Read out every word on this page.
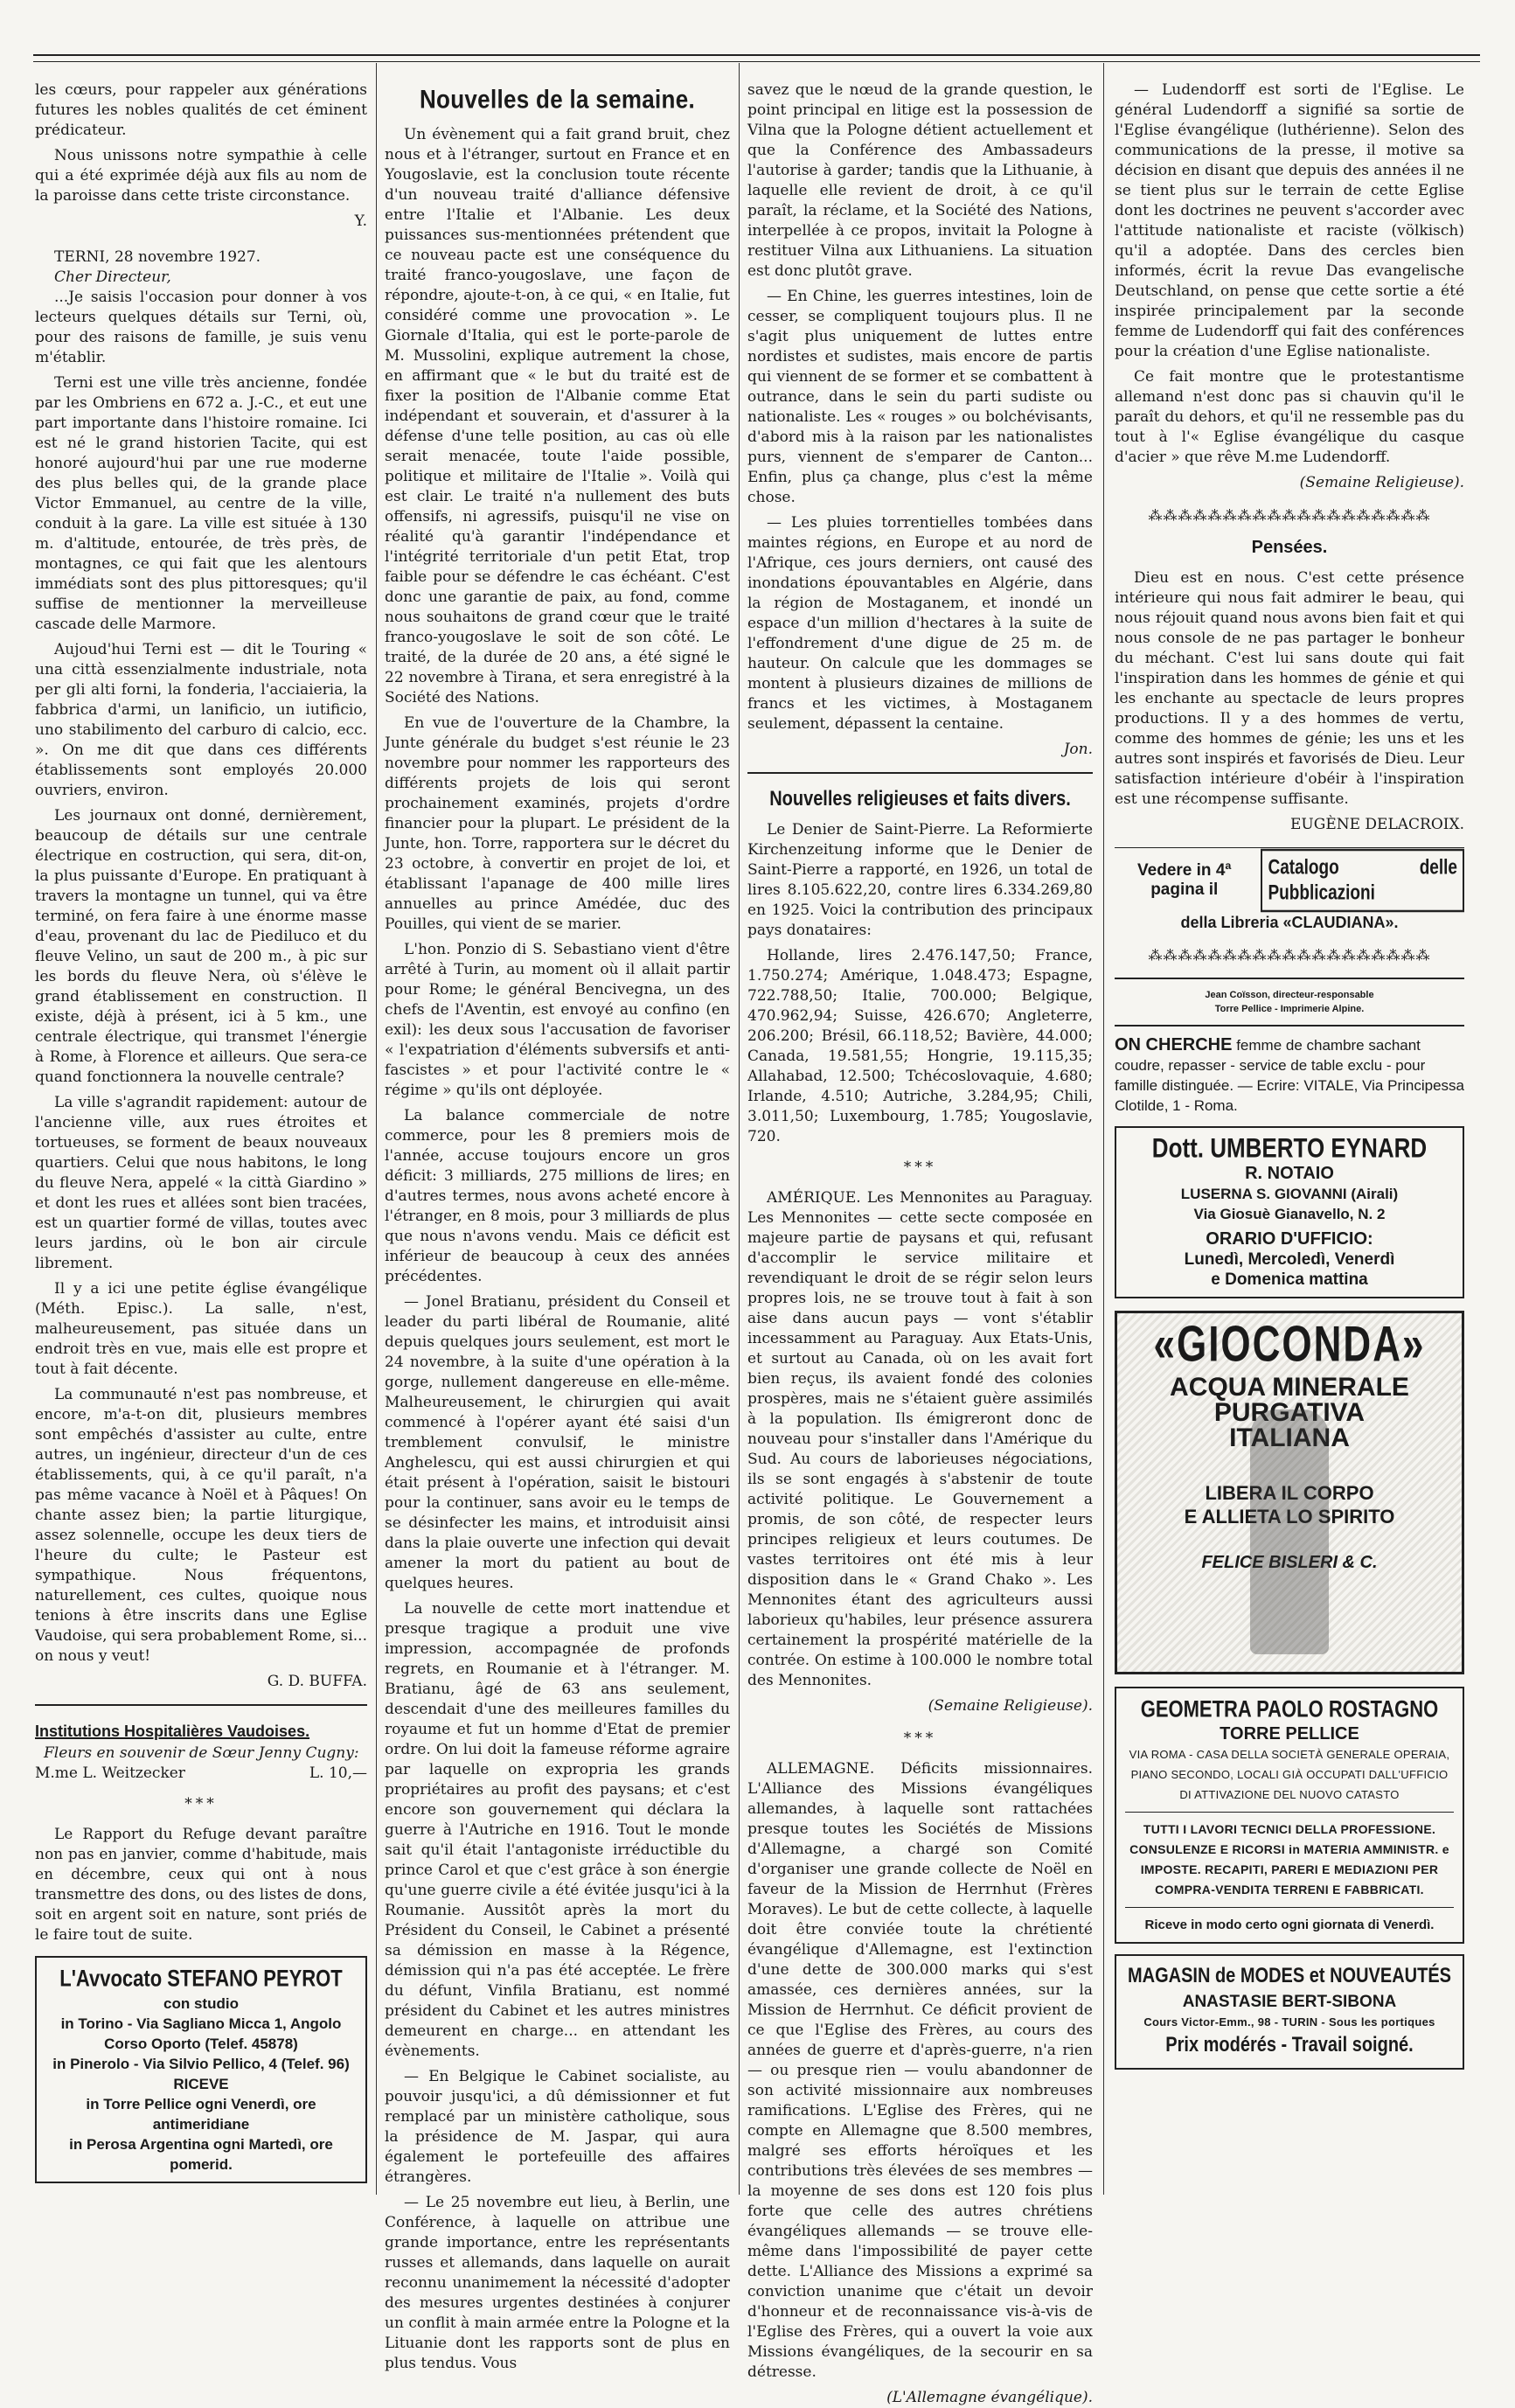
les cœurs, pour rappeler aux générations futures les nobles qualités de cet éminent prédicateur.

Nous unissons notre sympathie à celle qui a été exprimée déjà aux fils au nom de la paroisse dans cette triste circonstance.

Y.
TERNI, 28 novembre 1927.
Cher Directeur,

...Je saisis l'occasion pour donner à vos lecteurs quelques détails sur Terni, où, pour des raisons de famille, je suis venu m'établir.

Terni est une ville très ancienne, fondée par les Ombriens en 672 a. J.-C., et eut une part importante dans l'histoire romaine. Ici est né le grand historien Tacite, qui est honoré aujourd'hui par une rue moderne des plus belles qui, de la grande place Victor Emmanuel, au centre de la ville, conduit à la gare. La ville est située à 130 m. d'altitude, entourée, de très près, de montagnes, ce qui fait que les alentours immédiats sont des plus pittoresques; qu'il suffise de mentionner la merveilleuse cascade delle Marmore.

Aujoud'hui Terni est — dit le Touring « una città essenzialmente industriale, nota per gli alti forni, la fonderia, l'acciaieria, la fabbrica d'armi, un lanificio, un iutificio, uno stabilimento del carburo di calcio, ecc. ». On me dit que dans ces différents établissements sont employés 20.000 ouvriers, environ.

Les journaux ont donné, dernièrement, beaucoup de détails sur une centrale électrique en costruction, qui sera, dit-on, la plus puissante d'Europe. En pratiquant à travers la montagne un tunnel, qui va être terminé, on fera faire à une énorme masse d'eau, provenant du lac de Piediluco et du fleuve Velino, un saut de 200 m., à pic sur les bords du fleuve Nera, où s'élève le grand établissement en construction. Il existe, déjà à présent, ici à 5 km., une centrale électrique, qui transmet l'énergie à Rome, à Florence et ailleurs. Que sera-ce quand fonctionnera la nouvelle centrale?

La ville s'agrandit rapidement: autour de l'ancienne ville, aux rues étroites et tortueuses, se forment de beaux nouveaux quartiers. Celui que nous habitons, le long du fleuve Nera, appelé « la città Giardino » et dont les rues et allées sont bien tracées, est un quartier formé de villas, toutes avec leurs jardins, où le bon air circule librement.

Il y a ici une petite église évangélique (Méth. Episc.). La salle, n'est, malheureusement, pas située dans un endroit très en vue, mais elle est propre et tout à fait décente.

La communauté n'est pas nombreuse, et encore, m'a-t-on dit, plusieurs membres sont empêchés d'assister au culte, entre autres, un ingénieur, directeur d'un de ces établissements, qui, à ce qu'il paraît, n'a pas même vacance à Noël et à Pâques! On chante assez bien; la partie liturgique, assez solennelle, occupe les deux tiers de l'heure du culte; le Pasteur est sympathique. Nous fréquentons, naturellement, ces cultes, quoique nous tenions à être inscrits dans une Eglise Vaudoise, qui sera probablement Rome, si... on nous y veut!

G. D. BUFFA.
Institutions Hospitalières Vaudoises.
Fleurs en souvenir de Sœur Jenny Cugny:
M.me L. Weitzecker	L. 10,—
***

Le Rapport du Refuge devant paraître non pas en janvier, comme d'habitude, mais en décembre, ceux qui ont à nous transmettre des dons, ou des listes de dons, soit en argent soit en nature, sont priés de le faire tout de suite.

L'Avvocato STEFANO PEYROT
con studio
in Torino - Via Sagliano Micca 1, Angolo Corso Oporto (Telef. 45878)
in Pinerolo - Via Silvio Pellico, 4 (Telef. 96)
RICEVE
in Torre Pellice ogni Venerdì, ore antimeridiane
in Perosa Argentina ogni Martedì, ore pomerid.
Nouvelles de la semaine.

Un évènement qui a fait grand bruit, chez nous et à l'étranger, surtout en France et en Yougoslavie, est la conclusion toute récente d'un nouveau traité d'alliance défensive entre l'Italie et l'Albanie. Les deux puissances sus-mentionnées prétendent que ce nouveau pacte est une conséquence du traité franco-yougoslave, une façon de répondre, ajoute-t-on, à ce qui, « en Italie, fut considéré comme une provocation ». Le Giornale d'Italia, qui est le porte-parole de M. Mussolini, explique autrement la chose, en affirmant que « le but du traité est de fixer la position de l'Albanie comme Etat indépendant et souverain, et d'assurer à la défense d'une telle position, au cas où elle serait menacée, toute l'aide possible, politique et militaire de l'Italie ». Voilà qui est clair. Le traité n'a nullement des buts offensifs, ni agressifs, puisqu'il ne vise on réalité qu'à garantir l'indépendance et l'intégrité territoriale d'un petit Etat, trop faible pour se défendre le cas échéant. C'est donc une garantie de paix, au fond, comme nous souhaitons de grand cœur que le traité franco-yougoslave le soit de son côté. Le traité, de la durée de 20 ans, a été signé le 22 novembre à Tirana, et sera enregistré à la Société des Nations.

En vue de l'ouverture de la Chambre, la Junte générale du budget s'est réunie le 23 novembre pour nommer les rapporteurs des différents projets de lois qui seront prochainement examinés, projets d'ordre financier pour la plupart. Le président de la Junte, hon. Torre, rapportera sur le décret du 23 octobre, à convertir en projet de loi, et établissant l'apanage de 400 mille lires annuelles au prince Amédée, duc des Pouilles, qui vient de se marier.

L'hon. Ponzio di S. Sebastiano vient d'être arrêté à Turin, au moment où il allait partir pour Rome; le général Bencivegna, un des chefs de l'Aventin, est envoyé au confino (en exil): les deux sous l'accusation de favoriser « l'expatriation d'éléments subversifs et anti-fascistes » et pour l'activité contre le « régime » qu'ils ont déployée.

La balance commerciale de notre commerce, pour les 8 premiers mois de l'année, accuse toujours encore un gros déficit: 3 milliards, 275 millions de lires; en d'autres termes, nous avons acheté encore à l'étranger, en 8 mois, pour 3 milliards de plus que nous n'avons vendu. Mais ce déficit est inférieur de beaucoup à ceux des années précédentes.

— Jonel Bratianu, président du Conseil et leader du parti libéral de Roumanie, alité depuis quelques jours seulement, est mort le 24 novembre, à la suite d'une opération à la gorge, nullement dangereuse en elle-même. Malheureusement, le chirurgien qui avait commencé à l'opérer ayant été saisi d'un tremblement convulsif, le ministre Anghelescu, qui est aussi chirurgien et qui était présent à l'opération, saisit le bistouri pour la continuer, sans avoir eu le temps de se désinfecter les mains, et introduisit ainsi dans la plaie ouverte une infection qui devait amener la mort du patient au bout de quelques heures.

La nouvelle de cette mort inattendue et presque tragique a produit une vive impression, accompagnée de profonds regrets, en Roumanie et à l'étranger. M. Bratianu, âgé de 63 ans seulement, descendait d'une des meilleures familles du royaume et fut un homme d'Etat de premier ordre. On lui doit la fameuse réforme agraire par laquelle on expropria les grands propriétaires au profit des paysans; et c'est encore son gouvernement qui déclara la guerre à l'Autriche en 1916. Tout le monde sait qu'il était l'antagoniste irréductible du prince Carol et que c'est grâce à son énergie qu'une guerre civile a été évitée jusqu'ici à la Roumanie. Aussitôt après la mort du Président du Conseil, le Cabinet a présenté sa démission en masse à la Régence, démission qui n'a pas été acceptée. Le frère du défunt, Vinfila Bratianu, est nommé président du Cabinet et les autres ministres demeurent en charge... en attendant les évènements.

— En Belgique le Cabinet socialiste, au pouvoir jusqu'ici, a dû démissionner et fut remplacé par un ministère catholique, sous la présidence de M. Jaspar, qui aura également le portefeuille des affaires étrangères.

— Le 25 novembre eut lieu, à Berlin, une Conférence, à laquelle on attribue une grande importance, entre les représentants russes et allemands, dans laquelle on aurait reconnu unanimement la nécessité d'adopter des mesures urgentes destinées à conjurer un conflit à main armée entre la Pologne et la Lituanie dont les rapports sont de plus en plus tendus. Vous

savez que le nœud de la grande question, le point principal en litige est la possession de Vilna que la Pologne détient actuellement et que la Conférence des Ambassadeurs l'autorise à garder; tandis que la Lithuanie, à laquelle elle revient de droit, à ce qu'il paraît, la réclame, et la Société des Nations, interpellée à ce propos, invitait la Pologne à restituer Vilna aux Lithuaniens. La situation est donc plutôt grave.

— En Chine, les guerres intestines, loin de cesser, se compliquent toujours plus. Il ne s'agit plus uniquement de luttes entre nordistes et sudistes, mais encore de partis qui viennent de se former et se combattent à outrance, dans le sein du parti sudiste ou nationaliste. Les « rouges » ou bolchévisants, d'abord mis à la raison par les nationalistes purs, viennent de s'emparer de Canton... Enfin, plus ça change, plus c'est la même chose.

— Les pluies torrentielles tombées dans maintes régions, en Europe et au nord de l'Afrique, ces jours derniers, ont causé des inondations épouvantables en Algérie, dans la région de Mostaganem, et inondé un espace d'un million d'hectares à la suite de l'effondrement d'une digue de 25 m. de hauteur. On calcule que les dommages se montent à plusieurs dizaines de millions de francs et les victimes, à Mostaganem seulement, dépassent la centaine.

Jon.
Nouvelles religieuses et faits divers.

Le Denier de Saint-Pierre. La Reformierte Kirchenzeitung informe que le Denier de Saint-Pierre a rapporté, en 1926, un total de lires 8.105.622,20, contre lires 6.334.269,80 en 1925. Voici la contribution des principaux pays donataires:

Hollande, lires 2.476.147,50; France, 1.750.274; Amérique, 1.048.473; Espagne, 722.788,50; Italie, 700.000; Belgique, 470.962,94; Suisse, 426.670; Angleterre, 206.200; Brésil, 66.118,52; Bavière, 44.000; Canada, 19.581,55; Hongrie, 19.115,35; Allahabad, 12.500; Tchécoslovaquie, 4.680; Irlande, 4.510; Autriche, 3.284,95; Chili, 3.011,50; Luxembourg, 1.785; Yougoslavie, 720.

***

AMÉRIQUE. Les Mennonites au Paraguay. Les Mennonites — cette secte composée en majeure partie de paysans et qui, refusant d'accomplir le service militaire et revendiquant le droit de se régir selon leurs propres lois, ne se trouve tout à fait à son aise dans aucun pays — vont s'établir incessamment au Paraguay. Aux Etats-Unis, et surtout au Canada, où on les avait fort bien reçus, ils avaient fondé des colonies prospères, mais ne s'étaient guère assimilés à la population. Ils émigreront donc de nouveau pour s'installer dans l'Amérique du Sud. Au cours de laborieuses négociations, ils se sont engagés à s'abstenir de toute activité politique. Le Gouvernement a promis, de son côté, de respecter leurs principes religieux et leurs coutumes. De vastes territoires ont été mis à leur disposition dans le « Grand Chako ». Les Mennonites étant des agriculteurs aussi laborieux qu'habiles, leur présence assurera certainement la prospérité matérielle de la contrée. On estime à 100.000 le nombre total des Mennonites.

(Semaine Religieuse).
***

ALLEMAGNE. Déficits missionnaires. L'Alliance des Missions évangéliques allemandes, à laquelle sont rattachées presque toutes les Sociétés de Missions d'Allemagne, a chargé son Comité d'organiser une grande collecte de Noël en faveur de la Mission de Herrnhut (Frères Moraves). Le but de cette collecte, à laquelle doit être conviée toute la chrétienté évangélique d'Allemagne, est l'extinction d'une dette de 300.000 marks qui s'est amassée, ces dernières années, sur la Mission de Herrnhut. Ce déficit provient de ce que l'Eglise des Frères, au cours des années de guerre et d'après-guerre, n'a rien — ou presque rien — voulu abandonner de son activité missionnaire aux nombreuses ramifications. L'Eglise des Frères, qui ne compte en Allemagne que 8.500 membres, malgré ses efforts héroïques et les contributions très élevées de ses membres — la moyenne de ses dons est 120 fois plus forte que celle des autres chrétiens évangéliques allemands — se trouve elle-même dans l'impossibilité de payer cette dette. L'Alliance des Missions a exprimé sa conviction unanime que c'était un devoir d'honneur et de reconnaissance vis-à-vis de l'Eglise des Frères, qui a ouvert la voie aux Missions évangéliques, de la secourir en sa détresse.

(L'Allemagne évangélique).

— Ludendorff est sorti de l'Eglise. Le général Ludendorff a signifié sa sortie de l'Eglise évangélique (luthérienne). Selon des communications de la presse, il motive sa décision en disant que depuis des années il ne se tient plus sur le terrain de cette Eglise dont les doctrines ne peuvent s'accorder avec l'attitude nationaliste et raciste (völkisch) qu'il a adoptée. Dans des cercles bien informés, écrit la revue Das evangelische Deutschland, on pense que cette sortie a été inspirée principalement par la seconde femme de Ludendorff qui fait des conférences pour la création d'une Eglise nationaliste.

Ce fait montre que le protestantisme allemand n'est donc pas si chauvin qu'il le paraît du dehors, et qu'il ne ressemble pas du tout à l'« Eglise évangélique du casque d'acier » que rêve M.me Ludendorff.

(Semaine Religieuse).
⁂⁂⁂⁂⁂⁂⁂⁂⁂⁂⁂⁂⁂⁂⁂⁂⁂⁂⁂
Pensées.

Dieu est en nous. C'est cette présence intérieure qui nous fait admirer le beau, qui nous réjouit quand nous avons bien fait et qui nous console de ne pas partager le bonheur du méchant. C'est lui sans doute qui fait l'inspiration dans les hommes de génie et qui les enchante au spectacle de leurs propres productions. Il y a des hommes de vertu, comme des hommes de génie; les uns et les autres sont inspirés et favorisés de Dieu. Leur satisfaction intérieure d'obéir à l'inspiration est une récompense suffisante.

EUGÈNE DELACROIX.
Vedere in 4ª pagina il
Catalogo delle Pubblicazioni
della Libreria «CLAUDIANA».
⁂⁂⁂⁂⁂⁂⁂⁂⁂⁂⁂⁂⁂⁂⁂⁂⁂⁂⁂
Jean Coïsson, directeur-responsable
Torre Pellice - Imprimerie Alpine.
ON CHERCHE femme de chambre sachant coudre, repasser - service de table exclu - pour famille distinguée. — Ecrire: VITALE, Via Principessa Clotilde, 1 - Roma.
Dott. UMBERTO EYNARD
R. NOTAIO
LUSERNA S. GIOVANNI (Airali)
Via Giosuè Gianavello, N. 2
ORARIO D'UFFICIO:
Lunedì, Mercoledì, Venerdì
e Domenica mattina
«GIOCONDA»
ACQUA MINERALE
PURGATIVA
ITALIANA
LIBERA IL CORPO
E ALLIETA LO SPIRITO
FELICE BISLERI & C.
GEOMETRA PAOLO ROSTAGNO
TORRE PELLICE
VIA ROMA - CASA DELLA SOCIETÀ GENERALE OPERAIA, PIANO SECONDO, LOCALI GIÀ OCCUPATI DALL'UFFICIO DI ATTIVAZIONE DEL NUOVO CATASTO
TUTTI I LAVORI TECNICI DELLA PROFESSIONE. CONSULENZE E RICORSI in MATERIA AMMINISTR. e IMPOSTE. RECAPITI, PARERI E MEDIAZIONI PER COMPRA-VENDITA TERRENI E FABBRICATI.
Riceve in modo certo ogni giornata di Venerdì.
MAGASIN de MODES et NOUVEAUTÉS
ANASTASIE BERT-SIBONA
Cours Victor-Emm., 98 - TURIN - Sous les portiques
Prix modérés - Travail soigné.
